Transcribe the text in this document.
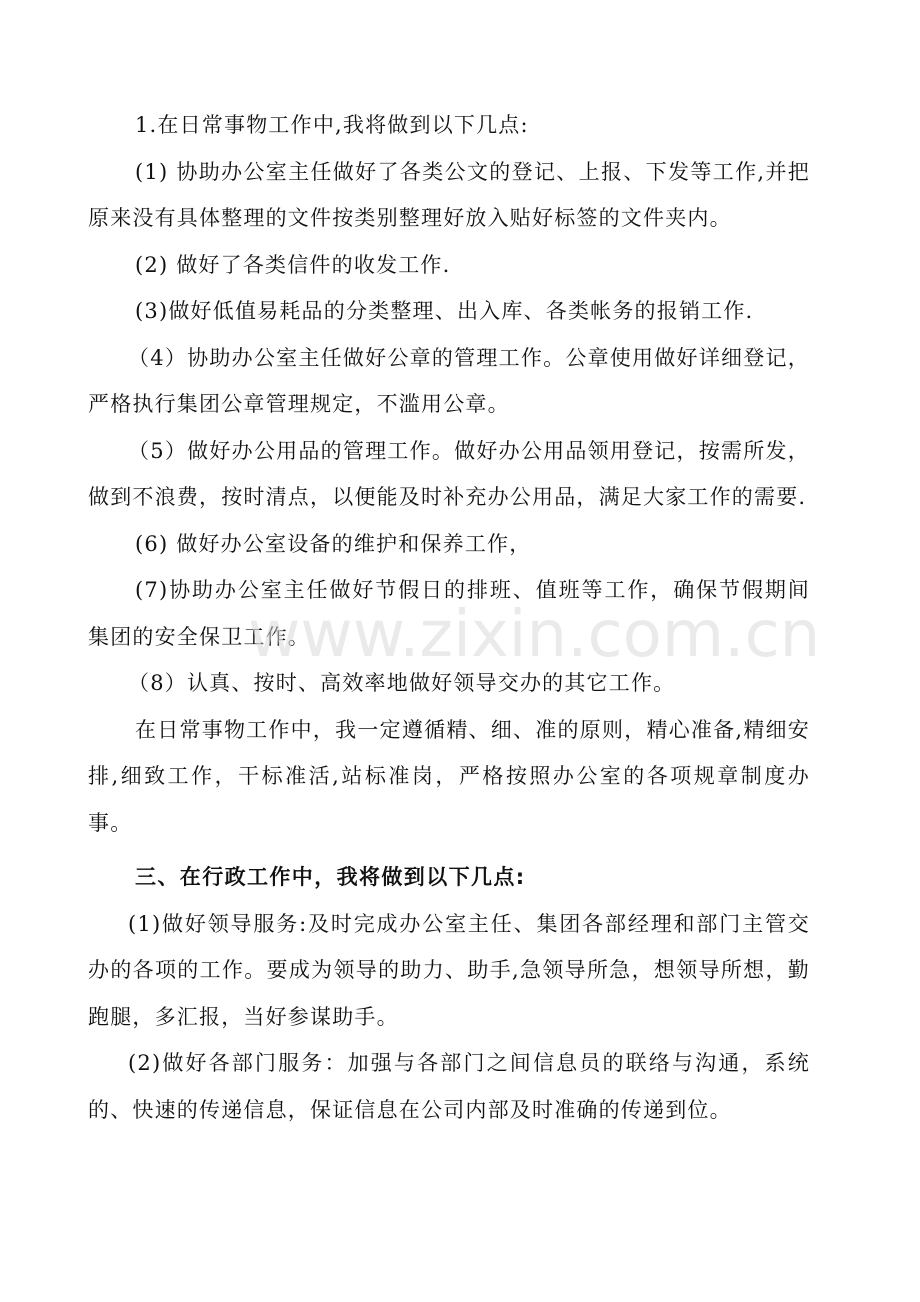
1.在日常事物工作中,我将做到以下几点:

(1) 协助办公室主任做好了各类公文的登记、上报、下发等工作,并把原来没有具体整理的文件按类别整理好放入贴好标签的文件夹内。

(2) 做好了各类信件的收发工作.

(3)做好低值易耗品的分类整理、出入库、各类帐务的报销工作.

（4）协助办公室主任做好公章的管理工作。公章使用做好详细登记，严格执行集团公章管理规定，不滥用公章。

（5）做好办公用品的管理工作。做好办公用品领用登记，按需所发，做到不浪费，按时清点，以便能及时补充办公用品，满足大家工作的需要.

(6) 做好办公室设备的维护和保养工作，

(7)协助办公室主任做好节假日的排班、值班等工作，确保节假期间集团的安全保卫工作。

（8）认真、按时、高效率地做好领导交办的其它工作。

在日常事物工作中，我一定遵循精、细、准的原则，精心准备,精细安排,细致工作，干标准活,站标准岗，严格按照办公室的各项规章制度办事。

三、在行政工作中，我将做到以下几点:

(1)做好领导服务:及时完成办公室主任、集团各部经理和部门主管交办的各项的工作。要成为领导的助力、助手,急领导所急，想领导所想，勤跑腿，多汇报，当好参谋助手。

(2)做好各部门服务：加强与各部门之间信息员的联络与沟通，系统的、快速的传递信息，保证信息在公司内部及时准确的传递到位。

www.zixin.com.cn
